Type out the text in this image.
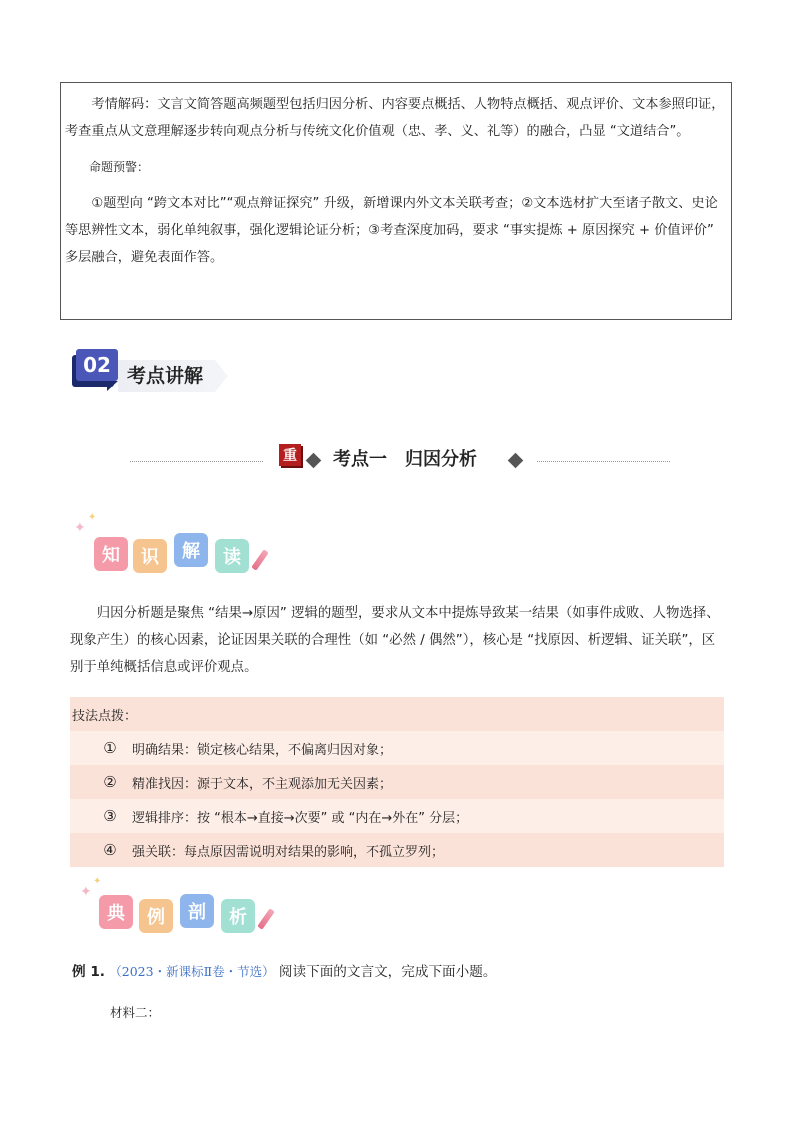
考情解码：文言文简答题高频题型包括归因分析、内容要点概括、人物特点概括、观点评价、文本参照印证，考查重点从文意理解逐步转向观点分析与传统文化价值观（忠、孝、义、礼等）的融合，凸显 “文道结合”。

命题预警：

①题型向 “跨文本对比”“观点辩证探究” 升级，新增课内外文本关联考查；②文本选材扩大至诸子散文、史论等思辨性文本，弱化单纯叙事，强化逻辑论证分析；③考查深度加码，要求 “事实提炼 + 原因探究 + 价值评价” 多层融合，避免表面作答。

02 考点讲解
重 考点一　归因分析
✦
✦
知	识	解	读

归因分析题是聚焦 “结果→原因” 逻辑的题型，要求从文本中提炼导致某一结果（如事件成败、人物选择、现象产生）的核心因素，论证因果关联的合理性（如 “必然 / 偶然”），核心是 “找原因、析逻辑、证关联”，区别于单纯概括信息或评价观点。

技法点拨：
① 明确结果：锁定核心结果，不偏离归因对象；
② 精准找因：源于文本，不主观添加无关因素；
③ 逻辑排序：按 “根本→直接→次要” 或 “内在→外在” 分层；
④ 强关联：每点原因需说明对结果的影响，不孤立罗列；
✦
✦
典	例	剖	析
例 1. （2023・新课标Ⅱ卷・节选） 阅读下面的文言文，完成下面小题。
材料二：
